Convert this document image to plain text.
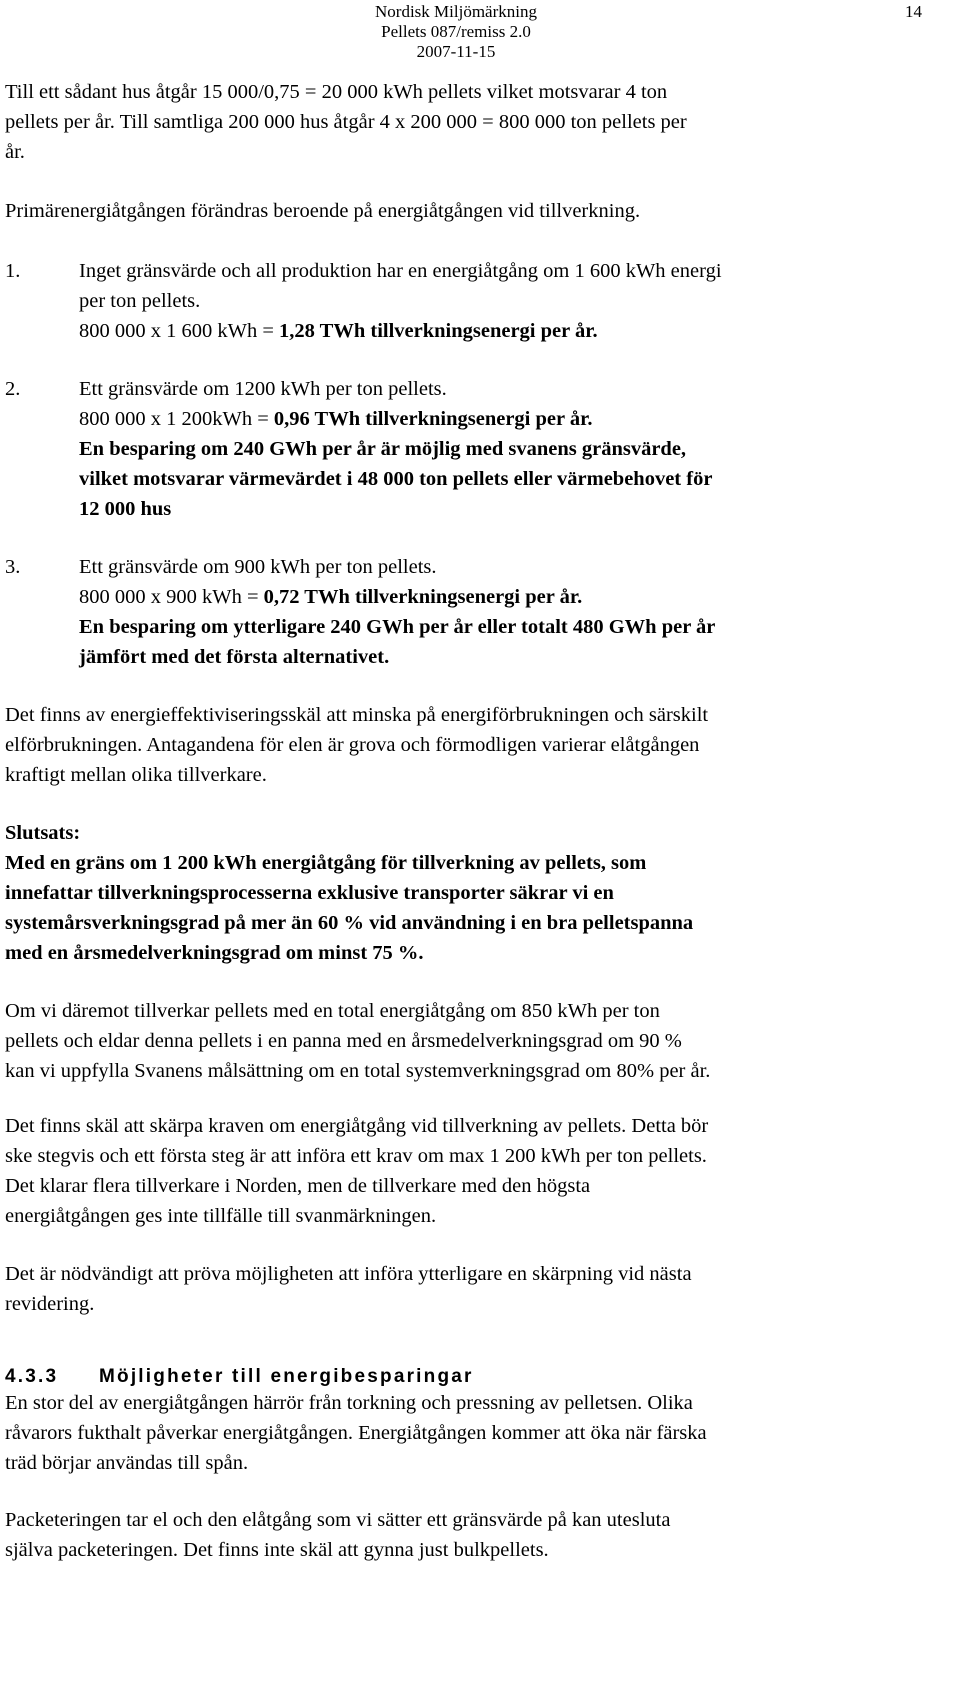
Nordisk Miljömärkning
Pellets 087/remiss 2.0
2007-11-15
14
Till ett sådant hus åtgår 15 000/0,75 = 20 000 kWh pellets vilket motsvarar 4 ton
pellets per år. Till samtliga 200 000 hus åtgår 4 x 200 000 = 800 000 ton pellets per
år.
Primärenergiåtgången förändras beroende på energiåtgången vid tillverkning.
1.	Inget gränsvärde och all produktion har en energiåtgång om 1 600 kWh energi
per ton pellets.
800 000 x 1 600 kWh = 1,28 TWh tillverkningsenergi per år.
2.	Ett gränsvärde om 1200 kWh per ton pellets.
800 000 x 1 200kWh = 0,96 TWh tillverkningsenergi per år.
En besparing om 240 GWh per år är möjlig med svanens gränsvärde,
vilket motsvarar värmevärdet i 48 000 ton pellets eller värmebehovet för
12 000 hus
3.	Ett gränsvärde om 900 kWh per ton pellets.
800 000 x 900 kWh = 0,72 TWh tillverkningsenergi per år.
En besparing om ytterligare 240 GWh per år eller totalt 480 GWh per år
jämfört med det första alternativet.
Det finns av energieffektiviseringsskäl att minska på energiförbrukningen och särskilt
elförbrukningen. Antagandena för elen är grova och förmodligen varierar elåtgången
kraftigt mellan olika tillverkare.
Slutsats:
Med en gräns om 1 200 kWh energiåtgång för tillverkning av pellets, som
innefattar tillverkningsprocesserna exklusive transporter säkrar vi en
systemårsverkningsgrad på mer än 60 % vid användning i en bra pelletspanna
med en årsmedelverkningsgrad om minst 75 %.
Om vi däremot tillverkar pellets med en total energiåtgång om 850 kWh per ton
pellets och eldar denna pellets i en panna med en årsmedelverkningsgrad om 90 %
kan vi uppfylla Svanens målsättning om en total systemverkningsgrad om 80% per år.
Det finns skäl att skärpa kraven om energiåtgång vid tillverkning av pellets. Detta bör
ske stegvis och ett första steg är att införa ett krav om max 1 200 kWh per ton pellets.
Det klarar flera tillverkare i Norden, men de tillverkare med den högsta
energiåtgången ges inte tillfälle till svanmärkningen.
Det är nödvändigt att pröva möjligheten att införa ytterligare en skärpning vid nästa
revidering.
4.3.3 Möjligheter till energibesparingar
En stor del av energiåtgången härrör från torkning och pressning av pelletsen. Olika
råvarors fukthalt påverkar energiåtgången. Energiåtgången kommer att öka när färska
träd börjar användas till spån.
Packeteringen tar el och den elåtgång som vi sätter ett gränsvärde på kan utesluta
själva packeteringen. Det finns inte skäl att gynna just bulkpellets.
